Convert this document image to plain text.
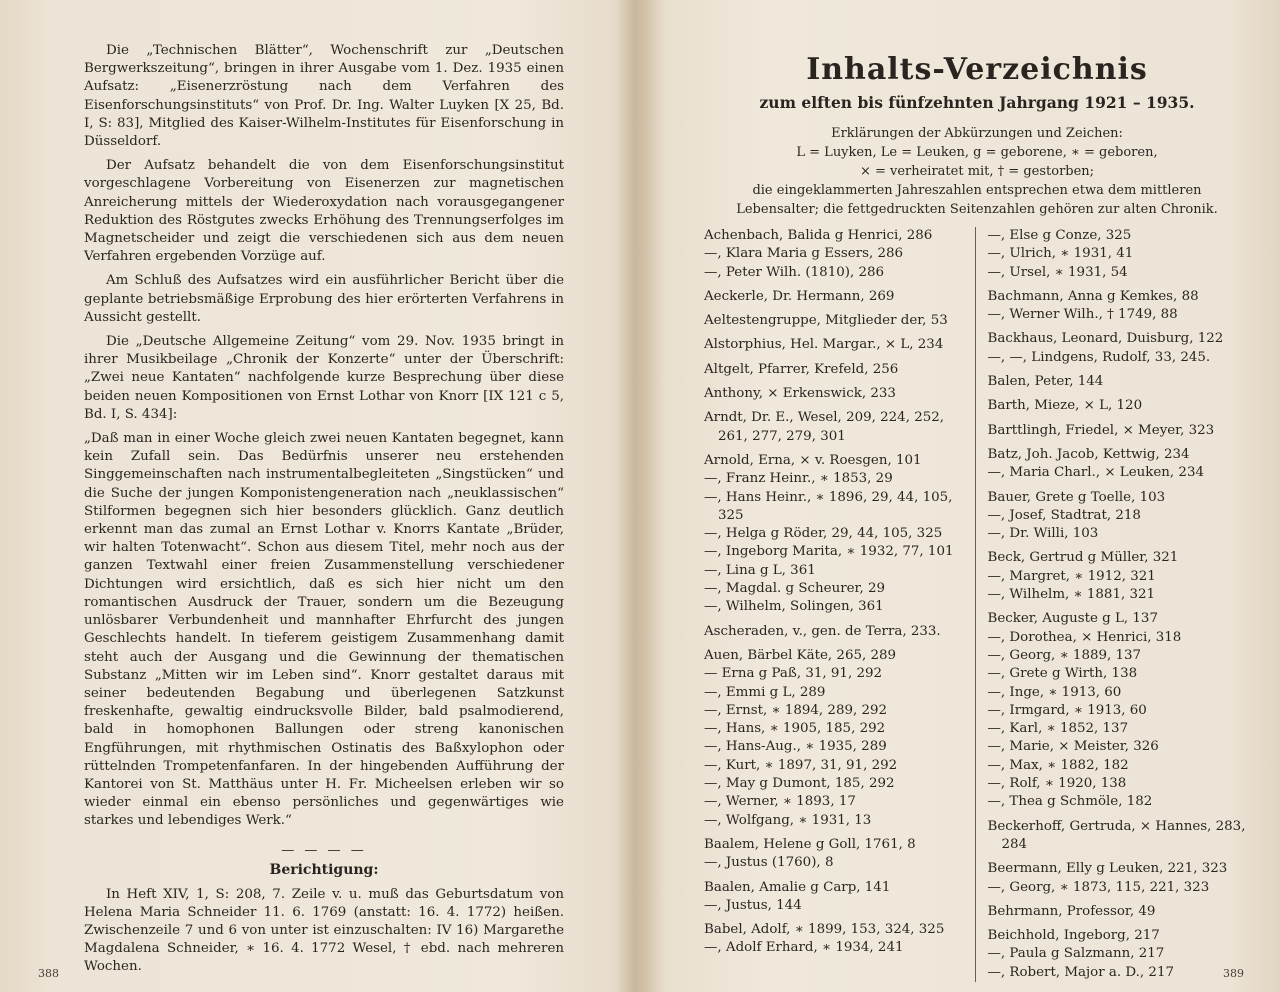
Die „Technischen Blätter“, Wochenschrift zur „Deutschen Bergwerkszeitung“, bringen in ihrer Ausgabe vom 1. Dez. 1935 einen Aufsatz: „Eisenerzröstung nach dem Verfahren des Eisenforschungsinstituts“ von Prof. Dr. Ing. Walter Luyken [X 25, Bd. I, S: 83], Mitglied des Kaiser-Wilhelm-Institutes für Eisenforschung in Düsseldorf.

Der Aufsatz behandelt die von dem Eisenforschungsinstitut vorgeschlagene Vorbereitung von Eisenerzen zur magnetischen Anreicherung mittels der Wiederoxydation nach vorausgegangener Reduktion des Röstgutes zwecks Erhöhung des Trennungserfolges im Magnetscheider und zeigt die verschiedenen sich aus dem neuen Verfahren ergebenden Vorzüge auf.

Am Schluß des Aufsatzes wird ein ausführlicher Bericht über die geplante betriebsmäßige Erprobung des hier erörterten Verfahrens in Aussicht gestellt.

Die „Deutsche Allgemeine Zeitung“ vom 29. Nov. 1935 bringt in ihrer Musikbeilage „Chronik der Konzerte“ unter der Überschrift: „Zwei neue Kantaten“ nachfolgende kurze Besprechung über diese beiden neuen Kompositionen von Ernst Lothar von Knorr [IX 121 c 5, Bd. I, S. 434]:

„Daß man in einer Woche gleich zwei neuen Kantaten begegnet, kann kein Zufall sein. Das Bedürfnis unserer neu erstehenden Singgemeinschaften nach instrumentalbegleiteten „Singstücken“ und die Suche der jungen Komponistengeneration nach „neuklassischen“ Stilformen begegnen sich hier besonders glücklich. Ganz deutlich erkennt man das zumal an Ernst Lothar v. Knorrs Kantate „Brüder, wir halten Totenwacht“. Schon aus diesem Titel, mehr noch aus der ganzen Textwahl einer freien Zusammenstellung verschiedener Dichtungen wird ersichtlich, daß es sich hier nicht um den romantischen Ausdruck der Trauer, sondern um die Bezeugung unlösbarer Verbundenheit und mannhafter Ehrfurcht des jungen Geschlechts handelt. In tieferem geistigem Zusammenhang damit steht auch der Ausgang und die Gewinnung der thematischen Substanz „Mitten wir im Leben sind“. Knorr gestaltet daraus mit seiner bedeutenden Begabung und überlegenen Satzkunst freskenhafte, gewaltig eindrucksvolle Bilder, bald psalmodierend, bald in homophonen Ballungen oder streng kanonischen Engführungen, mit rhythmischen Ostinatis des Baßxylophon oder rüttelnden Trompetenfanfaren. In der hingebenden Aufführung der Kantorei von St. Matthäus unter H. Fr. Micheelsen erleben wir so wieder einmal ein ebenso persönliches und gegenwärtiges wie starkes und lebendiges Werk.“

— — — —
Berichtigung:

In Heft XIV, 1, S: 208, 7. Zeile v. u. muß das Geburtsdatum von Helena Maria Schneider 11. 6. 1769 (anstatt: 16. 4. 1772) heißen. Zwischenzeile 7 und 6 von unter ist einzuschalten: IV 16) Margarethe Magdalena Schneider, ∗ 16. 4. 1772 Wesel, † ebd. nach mehreren Wochen.

388
Inhalts-Verzeichnis
zum elften bis fünfzehnten Jahrgang 1921 – 1935.
Erklärungen der Abkürzungen und Zeichen:
L = Luyken, Le = Leuken, g = geborene, ∗ = geboren,
× = verheiratet mit, † = gestorben;
die eingeklammerten Jahreszahlen entsprechen etwa dem mittleren
Lebensalter; die fettgedruckten Seitenzahlen gehören zur alten Chronik.
Achenbach, Balida g Henrici, 286
—, Klara Maria g Essers, 286
—, Peter Wilh. (1810), 286
Aeckerle, Dr. Hermann, 269
Aeltestengruppe, Mitglieder der, 53
Alstorphius, Hel. Margar., × L, 234
Altgelt, Pfarrer, Krefeld, 256
Anthony, × Erkenswick, 233
Arndt, Dr. E., Wesel, 209, 224, 252, 261, 277, 279, 301
Arnold, Erna, × v. Roesgen, 101
—, Franz Heinr., ∗ 1853, 29
—, Hans Heinr., ∗ 1896, 29, 44, 105, 325
—, Helga g Röder, 29, 44, 105, 325
—, Ingeborg Marita, ∗ 1932, 77, 101
—, Lina g L, 361
—, Magdal. g Scheurer, 29
—, Wilhelm, Solingen, 361
Ascheraden, v., gen. de Terra, 233.
Auen, Bärbel Käte, 265, 289
— Erna g Paß, 31, 91, 292
—, Emmi g L, 289
—, Ernst, ∗ 1894, 289, 292
—, Hans, ∗ 1905, 185, 292
—, Hans-Aug., ∗ 1935, 289
—, Kurt, ∗ 1897, 31, 91, 292
—, May g Dumont, 185, 292
—, Werner, ∗ 1893, 17
—, Wolfgang, ∗ 1931, 13
Baalem, Helene g Goll, 1761, 8
—, Justus (1760), 8
Baalen, Amalie g Carp, 141
—, Justus, 144
Babel, Adolf, ∗ 1899, 153, 324, 325
—, Adolf Erhard, ∗ 1934, 241
—, Else g Conze, 325
—, Ulrich, ∗ 1931, 41
—, Ursel, ∗ 1931, 54
Bachmann, Anna g Kemkes, 88
—, Werner Wilh., † 1749, 88
Backhaus, Leonard, Duisburg, 122
—, —, Lindgens, Rudolf, 33, 245.
Balen, Peter, 144
Barth, Mieze, × L, 120
Barttlingh, Friedel, × Meyer, 323
Batz, Joh. Jacob, Kettwig, 234
—, Maria Charl., × Leuken, 234
Bauer, Grete g Toelle, 103
—, Josef, Stadtrat, 218
—, Dr. Willi, 103
Beck, Gertrud g Müller, 321
—, Margret, ∗ 1912, 321
—, Wilhelm, ∗ 1881, 321
Becker, Auguste g L, 137
—, Dorothea, × Henrici, 318
—, Georg, ∗ 1889, 137
—, Grete g Wirth, 138
—, Inge, ∗ 1913, 60
—, Irmgard, ∗ 1913, 60
—, Karl, ∗ 1852, 137
—, Marie, × Meister, 326
—, Max, ∗ 1882, 182
—, Rolf, ∗ 1920, 138
—, Thea g Schmöle, 182
Beckerhoff, Gertruda, × Hannes, 283, 284
Beermann, Elly g Leuken, 221, 323
—, Georg, ∗ 1873, 115, 221, 323
Behrmann, Professor, 49
Beichhold, Ingeborg, 217
—, Paula g Salzmann, 217
—, Robert, Major a. D., 217	389
